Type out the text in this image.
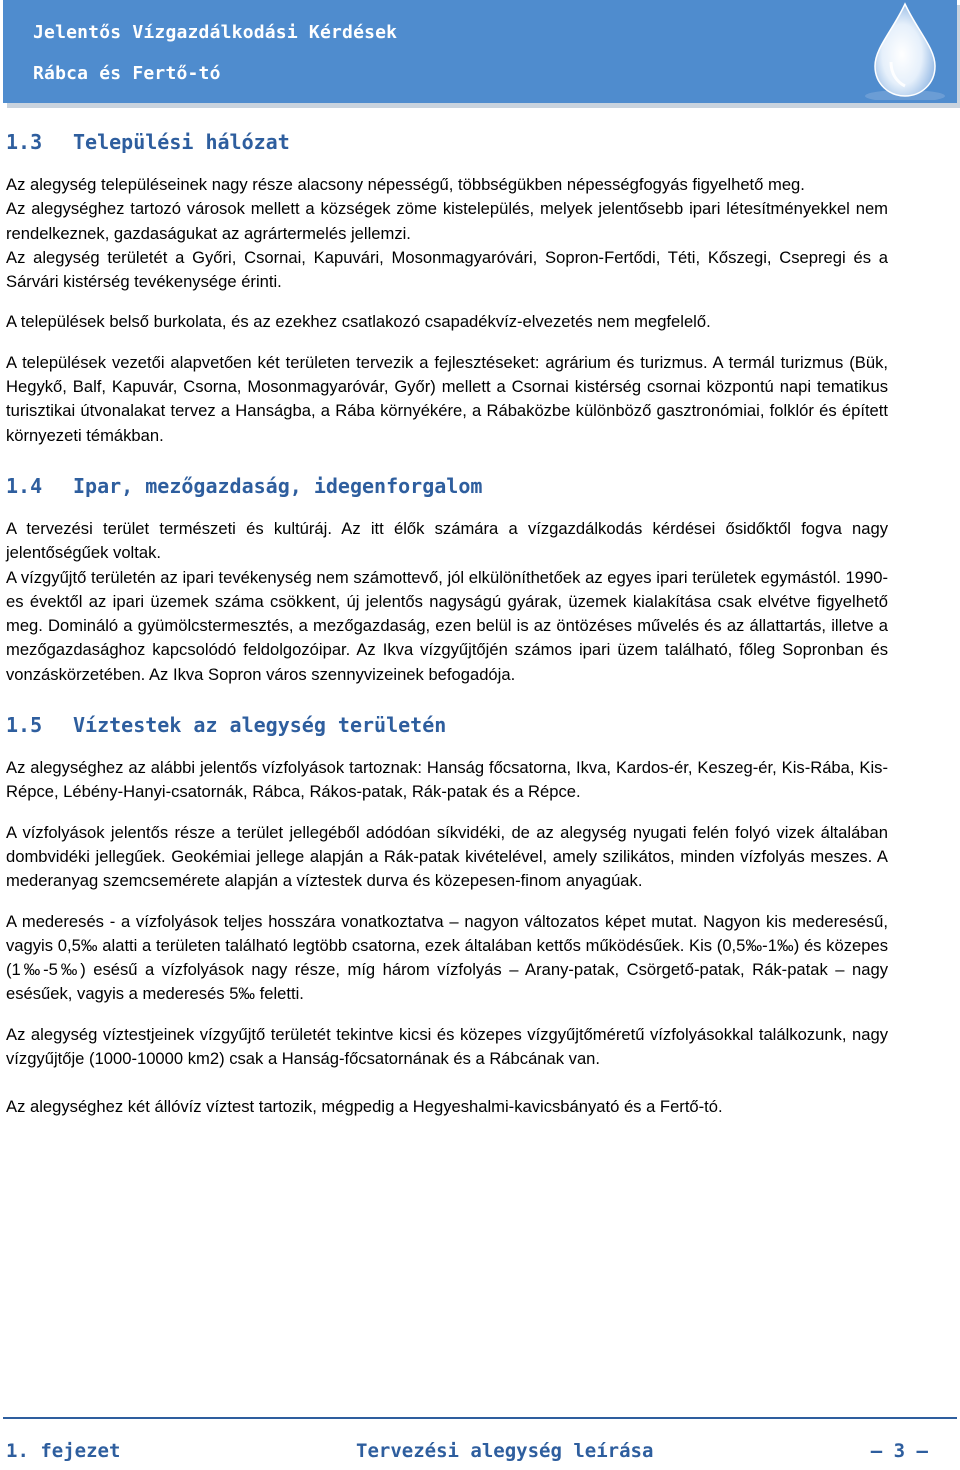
Jelentős Vízgazdálkodási Kérdések
Rábca és Fertő-tó
1.3 Települési hálózat

Az alegység településeinek nagy része alacsony népességű, többségükben népességfogyás figyelhető meg.

Az alegységhez tartozó városok mellett a községek zöme kistelepülés, melyek jelentősebb ipari létesítményekkel nem rendelkeznek, gazdaságukat az agrártermelés jellemzi.

Az alegység területét a Győri, Csornai, Kapuvári, Mosonmagyaróvári, Sopron-Fertődi, Téti, Kőszegi, Csepregi és a Sárvári kistérség tevékenysége érinti.

A települések belső burkolata, és az ezekhez csatlakozó csapadékvíz-elvezetés nem megfelelő.

A települések vezetői alapvetően két területen tervezik a fejlesztéseket: agrárium és turizmus. A termál turizmus (Bük, Hegykő, Balf, Kapuvár, Csorna, Mosonmagyaróvár, Győr) mellett a Csornai kistérség csornai központú napi tematikus turisztikai útvonalakat tervez a Hanságba, a Rába környékére, a Rábaközbe különböző gasztronómiai, folklór és épített környezeti témákban.

1.4 Ipar, mezőgazdaság, idegenforgalom

A tervezési terület természeti és kultúráj. Az itt élők számára a vízgazdálkodás kérdései ősidőktől fogva nagy jelentőségűek voltak.

A vízgyűjtő területén az ipari tevékenység nem számottevő, jól elkülöníthetőek az egyes ipari területek egymástól. 1990-es évektől az ipari üzemek száma csökkent, új jelentős nagyságú gyárak, üzemek kialakítása csak elvétve figyelhető meg. Domináló a gyümölcstermesztés, a mezőgazdaság, ezen belül is az öntözéses művelés és az állattartás, illetve a mezőgazdasághoz kapcsolódó feldolgozóipar. Az Ikva vízgyűjtőjén számos ipari üzem található, főleg Sopronban és vonzáskörzetében. Az Ikva Sopron város szennyvizeinek befogadója.

1.5 Víztestek az alegység területén

Az alegységhez az alábbi jelentős vízfolyások tartoznak: Hanság főcsatorna, Ikva, Kardos-ér, Keszeg-ér, Kis-Rába, Kis-Répce, Lébény-Hanyi-csatornák, Rábca, Rákos-patak, Rák-patak és a Répce.

A vízfolyások jelentős része a terület jellegéből adódóan síkvidéki, de az alegység nyugati felén folyó vizek általában dombvidéki jellegűek. Geokémiai jellege alapján a Rák-patak kivételével, amely szilikátos, minden vízfolyás meszes. A mederanyag szemcsemérete alapján a víztestek durva és közepesen-finom anyagúak.

A mederesés - a vízfolyások teljes hosszára vonatkoztatva – nagyon változatos képet mutat. Nagyon kis mederesésű, vagyis 0,5‰ alatti a területen található legtöbb csatorna, ezek általában kettős működésűek. Kis (0,5‰-1‰) és közepes (1‰-5‰) esésű a vízfolyások nagy része, míg három vízfolyás – Arany-patak, Csörgető-patak, Rák-patak – nagy esésűek, vagyis a mederesés 5‰ feletti.

Az alegység víztestjeinek vízgyűjtő területét tekintve kicsi és közepes vízgyűjtőméretű vízfolyásokkal találkozunk, nagy vízgyűjtője (1000-10000 km2) csak a Hanság-főcsatornának és a Rábcának van.

Az alegységhez két állóvíz víztest tartozik, mégpedig a Hegyeshalmi-kavicsbányató és a Fertő-tó.

1. fejezet	Tervezési alegység leírása	— 3 —
